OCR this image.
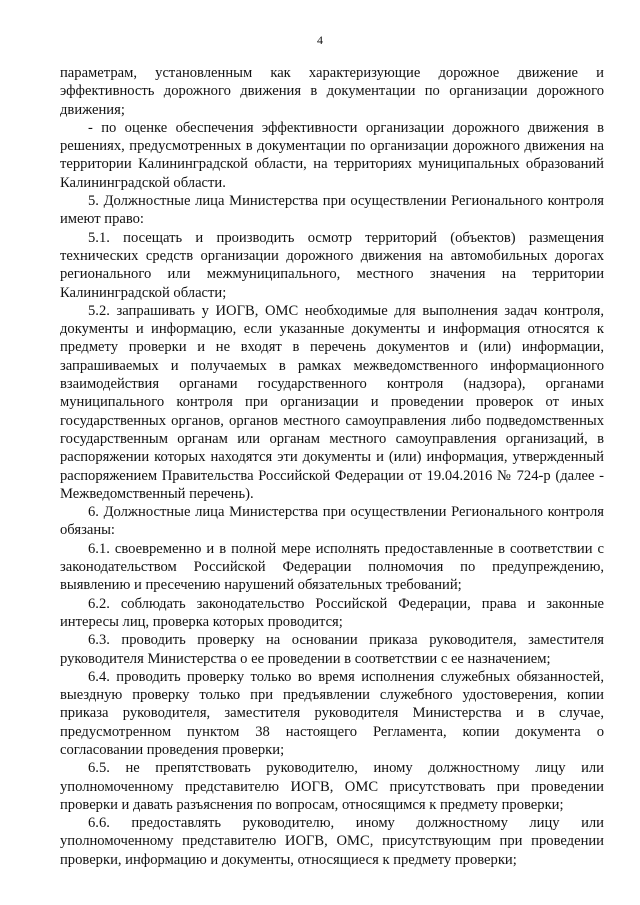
4

параметрам, установленным как характеризующие дорожное движение и эффективность дорожного движения в документации по организации дорожного движения;

- по оценке обеспечения эффективности организации дорожного движения в решениях, предусмотренных в документации по организации дорожного движения на территории Калининградской области, на территориях муниципальных образований Калининградской области.

5. Должностные лица Министерства при осуществлении Регионального контроля имеют право:

5.1. посещать и производить осмотр территорий (объектов) размещения технических средств организации дорожного движения на автомобильных дорогах регионального или межмуниципального, местного значения на территории Калининградской области;

5.2. запрашивать у ИОГВ, ОМС необходимые для выполнения задач контроля, документы и информацию, если указанные документы и информация относятся к предмету проверки и не входят в перечень документов и (или) информации, запрашиваемых и получаемых в рамках межведомственного информационного взаимодействия органами государственного контроля (надзора), органами муниципального контроля при организации и проведении проверок от иных государственных органов, органов местного самоуправления либо подведомственных государственным органам или органам местного самоуправления организаций, в распоряжении которых находятся эти документы и (или) информация, утвержденный распоряжением Правительства Российской Федерации от 19.04.2016 № 724-р (далее - Межведомственный перечень).

6. Должностные лица Министерства при осуществлении Регионального контроля обязаны:

6.1. своевременно и в полной мере исполнять предоставленные в соответствии с законодательством Российской Федерации полномочия по предупреждению, выявлению и пресечению нарушений обязательных требований;

6.2. соблюдать законодательство Российской Федерации, права и законные интересы лиц, проверка которых проводится;

6.3. проводить проверку на основании приказа руководителя, заместителя руководителя Министерства о ее проведении в соответствии с ее назначением;

6.4. проводить проверку только во время исполнения служебных обязанностей, выездную проверку только при предъявлении служебного удостоверения, копии приказа руководителя, заместителя руководителя Министерства и в случае, предусмотренном пунктом 38 настоящего Регламента, копии документа о согласовании проведения проверки;

6.5. не препятствовать руководителю, иному должностному лицу или уполномоченному представителю ИОГВ, ОМС присутствовать при проведении проверки и давать разъяснения по вопросам, относящимся к предмету проверки;

6.6. предоставлять руководителю, иному должностному лицу или уполномоченному представителю ИОГВ, ОМС, присутствующим при проведении проверки, информацию и документы, относящиеся к предмету проверки;
